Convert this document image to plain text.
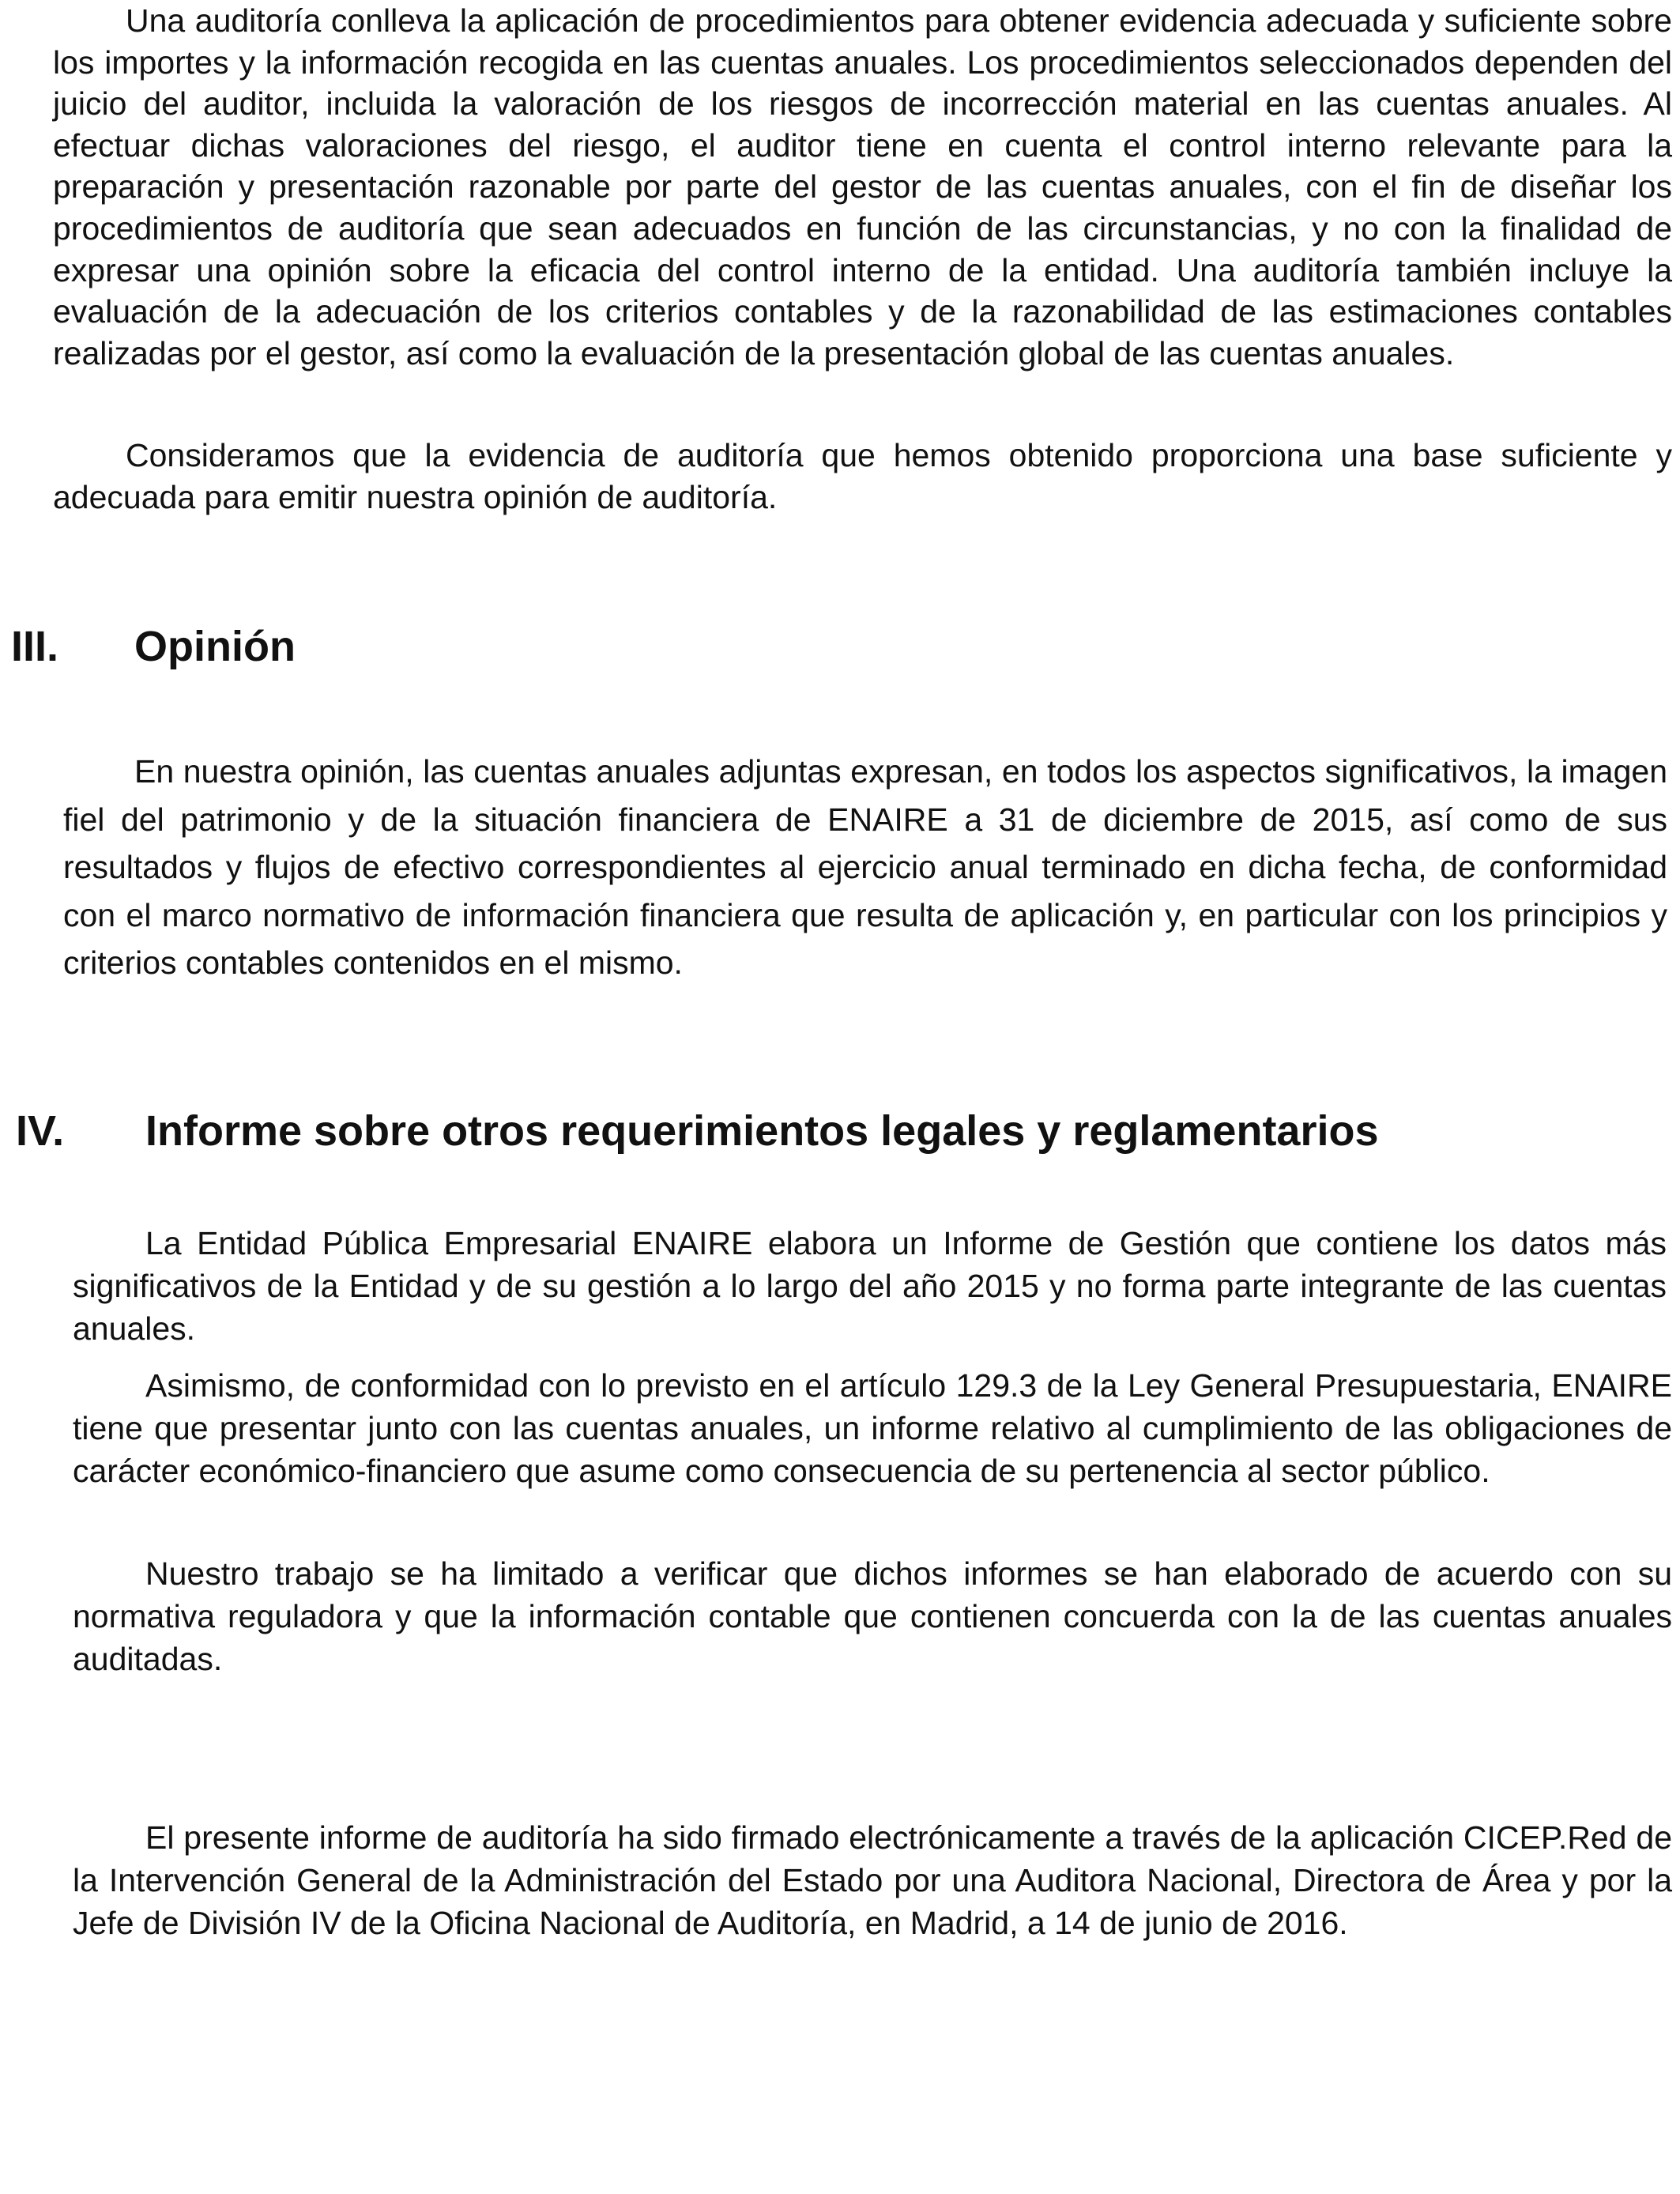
Una auditoría conlleva la aplicación de procedimientos para obtener evidencia adecuada y suficiente sobre los importes y la información recogida en las cuentas anuales. Los procedimientos seleccionados dependen del juicio del auditor, incluida la valoración de los riesgos de incorrección material en las cuentas anuales. Al efectuar dichas valoraciones del riesgo, el auditor tiene en cuenta el control interno relevante para la preparación y presentación razonable por parte del gestor de las cuentas anuales, con el fin de diseñar los procedimientos de auditoría que sean adecuados en función de las circunstancias, y no con la finalidad de expresar una opinión sobre la eficacia del control interno de la entidad. Una auditoría también incluye la evaluación de la adecuación de los criterios contables y de la razonabilidad de las estimaciones contables realizadas por el gestor, así como la evaluación de la presentación global de las cuentas anuales.

Consideramos que la evidencia de auditoría que hemos obtenido proporciona una base suficiente y adecuada para emitir nuestra opinión de auditoría.

III. Opinión

En nuestra opinión, las cuentas anuales adjuntas expresan, en todos los aspectos significativos, la imagen fiel del patrimonio y de la situación financiera de ENAIRE a 31 de diciembre de 2015, así como de sus resultados y flujos de efectivo correspondientes al ejercicio anual terminado en dicha fecha, de conformidad con el marco normativo de información financiera que resulta de aplicación y, en particular con los principios y criterios contables contenidos en el mismo.

IV. Informe sobre otros requerimientos legales y reglamentarios

La Entidad Pública Empresarial ENAIRE elabora un Informe de Gestión que contiene los datos más significativos de la Entidad y de su gestión a lo largo del año 2015 y no forma parte integrante de las cuentas anuales.

Asimismo, de conformidad con lo previsto en el artículo 129.3 de la Ley General Presupuestaria, ENAIRE tiene que presentar junto con las cuentas anuales, un informe relativo al cumplimiento de las obligaciones de carácter económico-financiero que asume como consecuencia de su pertenencia al sector público.

Nuestro trabajo se ha limitado a verificar que dichos informes se han elaborado de acuerdo con su normativa reguladora y que la información contable que contienen concuerda con la de las cuentas anuales auditadas.

El presente informe de auditoría ha sido firmado electrónicamente a través de la aplicación CICEP.Red de la Intervención General de la Administración del Estado por una Auditora Nacional, Directora de Área y por la Jefe de División IV de la Oficina Nacional de Auditoría, en Madrid, a 14 de junio de 2016.
